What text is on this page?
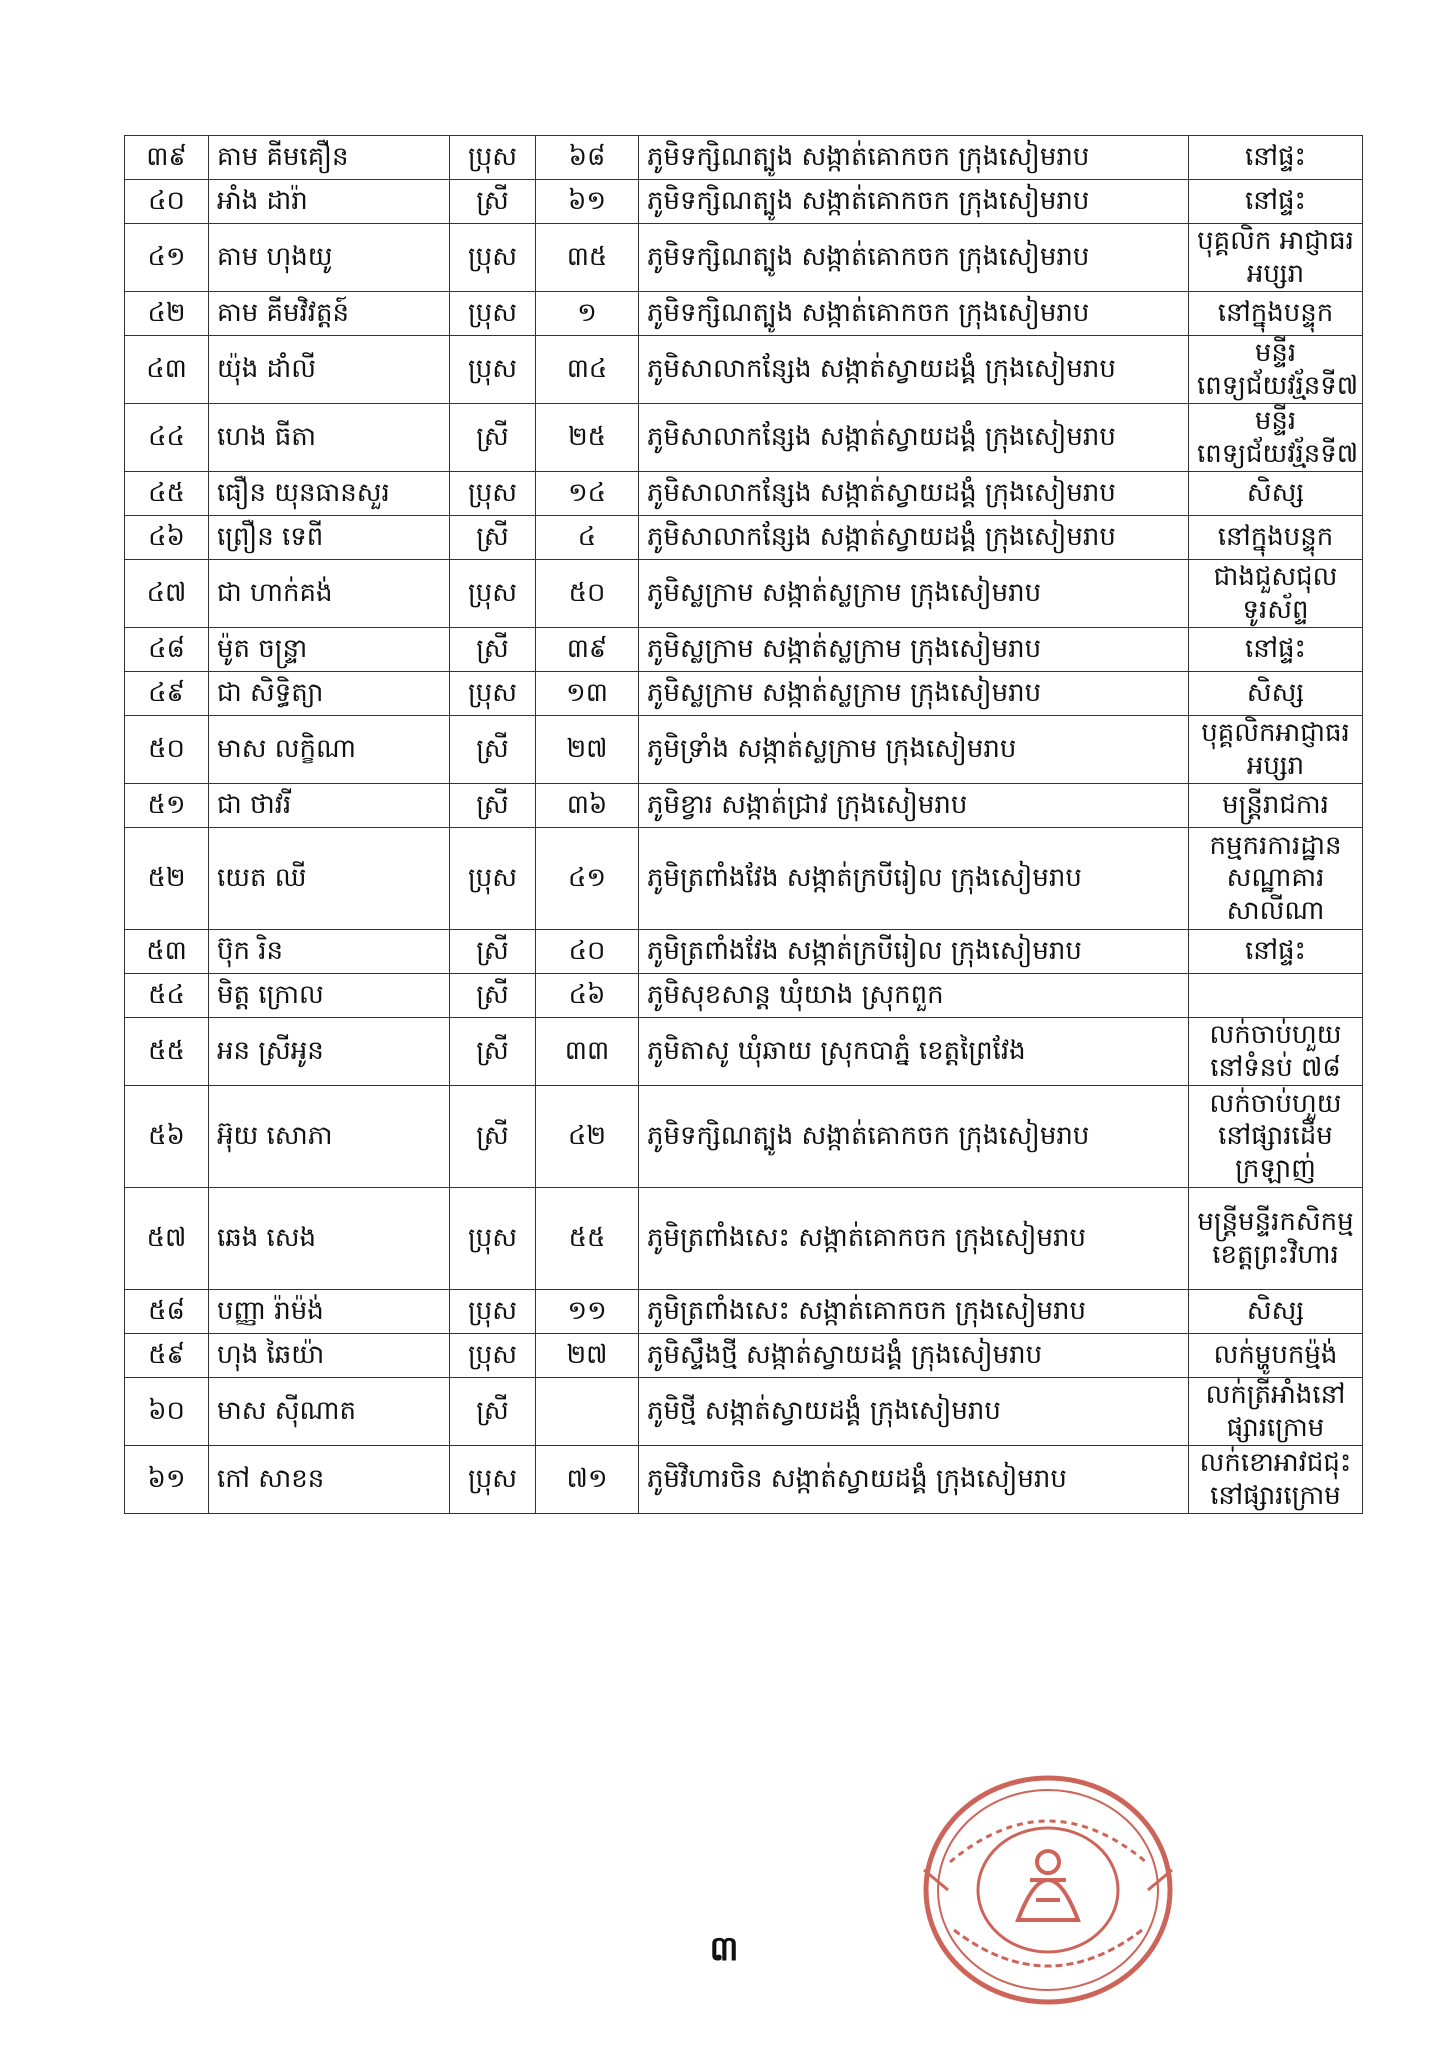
៣៩	គាម គីមគឿន	ប្រុស	៦៨	ភូមិទក្សិណត្បូង សង្កាត់គោកចក ក្រុងសៀមរាប	នៅផ្ទះ
៤០	អាំង ដារ៉ា	ស្រី	៦១	ភូមិទក្សិណត្បូង សង្កាត់គោកចក ក្រុងសៀមរាប	នៅផ្ទះ
៤១	គាម ហុងយូ	ប្រុស	៣៥	ភូមិទក្សិណត្បូង សង្កាត់គោកចក ក្រុងសៀមរាប	បុគ្គលិក អាជ្ញាធរអប្សរា
៤២	គាម គីមវិវត្តន៍	ប្រុស	១	ភូមិទក្សិណត្បូង សង្កាត់គោកចក ក្រុងសៀមរាប	នៅក្នុងបន្ទុក
៤៣	យ៉ុង ដាំលី	ប្រុស	៣៤	ភូមិសាលាកន្សែង សង្កាត់ស្វាយដង្គំ ក្រុងសៀមរាប	មន្ទីរពេទ្យជ័យវរ្ម័នទី៧
៤៤	ហេង ធីតា	ស្រី	២៥	ភូមិសាលាកន្សែង សង្កាត់ស្វាយដង្គំ ក្រុងសៀមរាប	មន្ទីរពេទ្យជ័យវរ្ម័នទី៧
៤៥	ធឿន យុនធានសួរ	ប្រុស	១៤	ភូមិសាលាកន្សែង សង្កាត់ស្វាយដង្គំ ក្រុងសៀមរាប	សិស្ស
៤៦	ព្រឿន ទេពី	ស្រី	៤	ភូមិសាលាកន្សែង សង្កាត់ស្វាយដង្គំ ក្រុងសៀមរាប	នៅក្នុងបន្ទុក
៤៧	ជា ហាក់គង់	ប្រុស	៥០	ភូមិស្លក្រាម សង្កាត់ស្លក្រាម ក្រុងសៀមរាប	ជាងជួសជុលទូរស័ព្ទ
៤៨	ម៉ូត ចន្ទ្រា	ស្រី	៣៩	ភូមិស្លក្រាម សង្កាត់ស្លក្រាម ក្រុងសៀមរាប	នៅផ្ទះ
៤៩	ជា សិទ្ធិត្យា	ប្រុស	១៣	ភូមិស្លក្រាម សង្កាត់ស្លក្រាម ក្រុងសៀមរាប	សិស្ស
៥០	មាស លក្ខិណា	ស្រី	២៧	ភូមិទ្រាំង សង្កាត់ស្លក្រាម ក្រុងសៀមរាប	បុគ្គលិកអាជ្ញាធរអប្សរា
៥១	ជា ថាវរី	ស្រី	៣៦	ភូមិខ្វារ សង្កាត់ជ្រាវ ក្រុងសៀមរាប	មន្ត្រីរាជការ
៥២	យេត ឈី	ប្រុស	៤១	ភូមិត្រពាំងវែង សង្កាត់ក្របីរៀល ក្រុងសៀមរាប	កម្មករការដ្ឋានសណ្ឋាគារសាលីណា
៥៣	ប៊ុក រិន	ស្រី	៤០	ភូមិត្រពាំងវែង សង្កាត់ក្របីរៀល ក្រុងសៀមរាប	នៅផ្ទះ
៥៤	មិត្ត ក្រោល	ស្រី	៤៦	ភូមិសុខសាន្ត ឃុំយាង ស្រុកពួក	
៥៥	អន ស្រីអូន	ស្រី	៣៣	ភូមិតាសូ ឃុំឆាយ ស្រុកបាភ្នំ ខេត្តព្រៃវែង	លក់ចាប់ហួយ នៅទំនប់ ៧៨
៥៦	អ៊ុយ សោភា	ស្រី	៤២	ភូមិទក្សិណត្បូង សង្កាត់គោកចក ក្រុងសៀមរាប	លក់ចាប់ហួយ នៅផ្សារដើមក្រឡាញ់
៥៧	ឆេង សេង	ប្រុស	៥៥	ភូមិត្រពាំងសេះ សង្កាត់គោកចក ក្រុងសៀមរាប	មន្ត្រីមន្ទីរកសិកម្មខេត្តព្រះវិហារ
៥៨	បញ្ញា រ៉ាម៉ង់	ប្រុស	១១	ភូមិត្រពាំងសេះ សង្កាត់គោកចក ក្រុងសៀមរាប	សិស្ស
៥៩	ហុង ឆៃយ៉ា	ប្រុស	២៧	ភូមិស្ទឹងថ្មី សង្កាត់ស្វាយដង្គំ ក្រុងសៀមរាប	លក់ម្ហូបកម៉្ម៉ង់
៦០	មាស ស៊ីណាត	ស្រី		ភូមិថ្មី សង្កាត់ស្វាយដង្គំ ក្រុងសៀមរាប	លក់ត្រីអាំងនៅផ្សារក្រោម
៦១	កៅ សាខន	ប្រុស	៧១	ភូមិវិហារចិន សង្កាត់ស្វាយដង្គំ ក្រុងសៀមរាប	លក់ខោអាវជជុះនៅផ្សារក្រោម
៣
